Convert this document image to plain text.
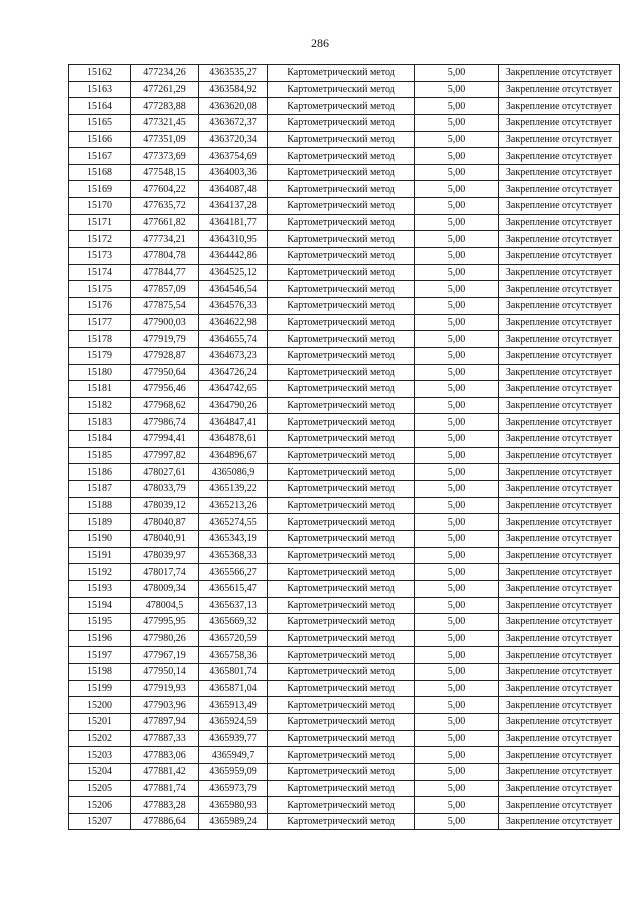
286
15162	477234,26	4363535,27	Картометрический метод	5,00	Закрепление отсутствует
15163	477261,29	4363584,92	Картометрический метод	5,00	Закрепление отсутствует
15164	477283,88	4363620,08	Картометрический метод	5,00	Закрепление отсутствует
15165	477321,45	4363672,37	Картометрический метод	5,00	Закрепление отсутствует
15166	477351,09	4363720,34	Картометрический метод	5,00	Закрепление отсутствует
15167	477373,69	4363754,69	Картометрический метод	5,00	Закрепление отсутствует
15168	477548,15	4364003,36	Картометрический метод	5,00	Закрепление отсутствует
15169	477604,22	4364087,48	Картометрический метод	5,00	Закрепление отсутствует
15170	477635,72	4364137,28	Картометрический метод	5,00	Закрепление отсутствует
15171	477661,82	4364181,77	Картометрический метод	5,00	Закрепление отсутствует
15172	477734,21	4364310,95	Картометрический метод	5,00	Закрепление отсутствует
15173	477804,78	4364442,86	Картометрический метод	5,00	Закрепление отсутствует
15174	477844,77	4364525,12	Картометрический метод	5,00	Закрепление отсутствует
15175	477857,09	4364546,54	Картометрический метод	5,00	Закрепление отсутствует
15176	477875,54	4364576,33	Картометрический метод	5,00	Закрепление отсутствует
15177	477900,03	4364622,98	Картометрический метод	5,00	Закрепление отсутствует
15178	477919,79	4364655,74	Картометрический метод	5,00	Закрепление отсутствует
15179	477928,87	4364673,23	Картометрический метод	5,00	Закрепление отсутствует
15180	477950,64	4364726,24	Картометрический метод	5,00	Закрепление отсутствует
15181	477956,46	4364742,65	Картометрический метод	5,00	Закрепление отсутствует
15182	477968,62	4364790,26	Картометрический метод	5,00	Закрепление отсутствует
15183	477986,74	4364847,41	Картометрический метод	5,00	Закрепление отсутствует
15184	477994,41	4364878,61	Картометрический метод	5,00	Закрепление отсутствует
15185	477997,82	4364896,67	Картометрический метод	5,00	Закрепление отсутствует
15186	478027,61	4365086,9	Картометрический метод	5,00	Закрепление отсутствует
15187	478033,79	4365139,22	Картометрический метод	5,00	Закрепление отсутствует
15188	478039,12	4365213,26	Картометрический метод	5,00	Закрепление отсутствует
15189	478040,87	4365274,55	Картометрический метод	5,00	Закрепление отсутствует
15190	478040,91	4365343,19	Картометрический метод	5,00	Закрепление отсутствует
15191	478039,97	4365368,33	Картометрический метод	5,00	Закрепление отсутствует
15192	478017,74	4365566,27	Картометрический метод	5,00	Закрепление отсутствует
15193	478009,34	4365615,47	Картометрический метод	5,00	Закрепление отсутствует
15194	478004,5	4365637,13	Картометрический метод	5,00	Закрепление отсутствует
15195	477995,95	4365669,32	Картометрический метод	5,00	Закрепление отсутствует
15196	477980,26	4365720,59	Картометрический метод	5,00	Закрепление отсутствует
15197	477967,19	4365758,36	Картометрический метод	5,00	Закрепление отсутствует
15198	477950,14	4365801,74	Картометрический метод	5,00	Закрепление отсутствует
15199	477919,93	4365871,04	Картометрический метод	5,00	Закрепление отсутствует
15200	477903,96	4365913,49	Картометрический метод	5,00	Закрепление отсутствует
15201	477897,94	4365924,59	Картометрический метод	5,00	Закрепление отсутствует
15202	477887,33	4365939,77	Картометрический метод	5,00	Закрепление отсутствует
15203	477883,06	4365949,7	Картометрический метод	5,00	Закрепление отсутствует
15204	477881,42	4365959,09	Картометрический метод	5,00	Закрепление отсутствует
15205	477881,74	4365973,79	Картометрический метод	5,00	Закрепление отсутствует
15206	477883,28	4365980,93	Картометрический метод	5,00	Закрепление отсутствует
15207	477886,64	4365989,24	Картометрический метод	5,00	Закрепление отсутствует
